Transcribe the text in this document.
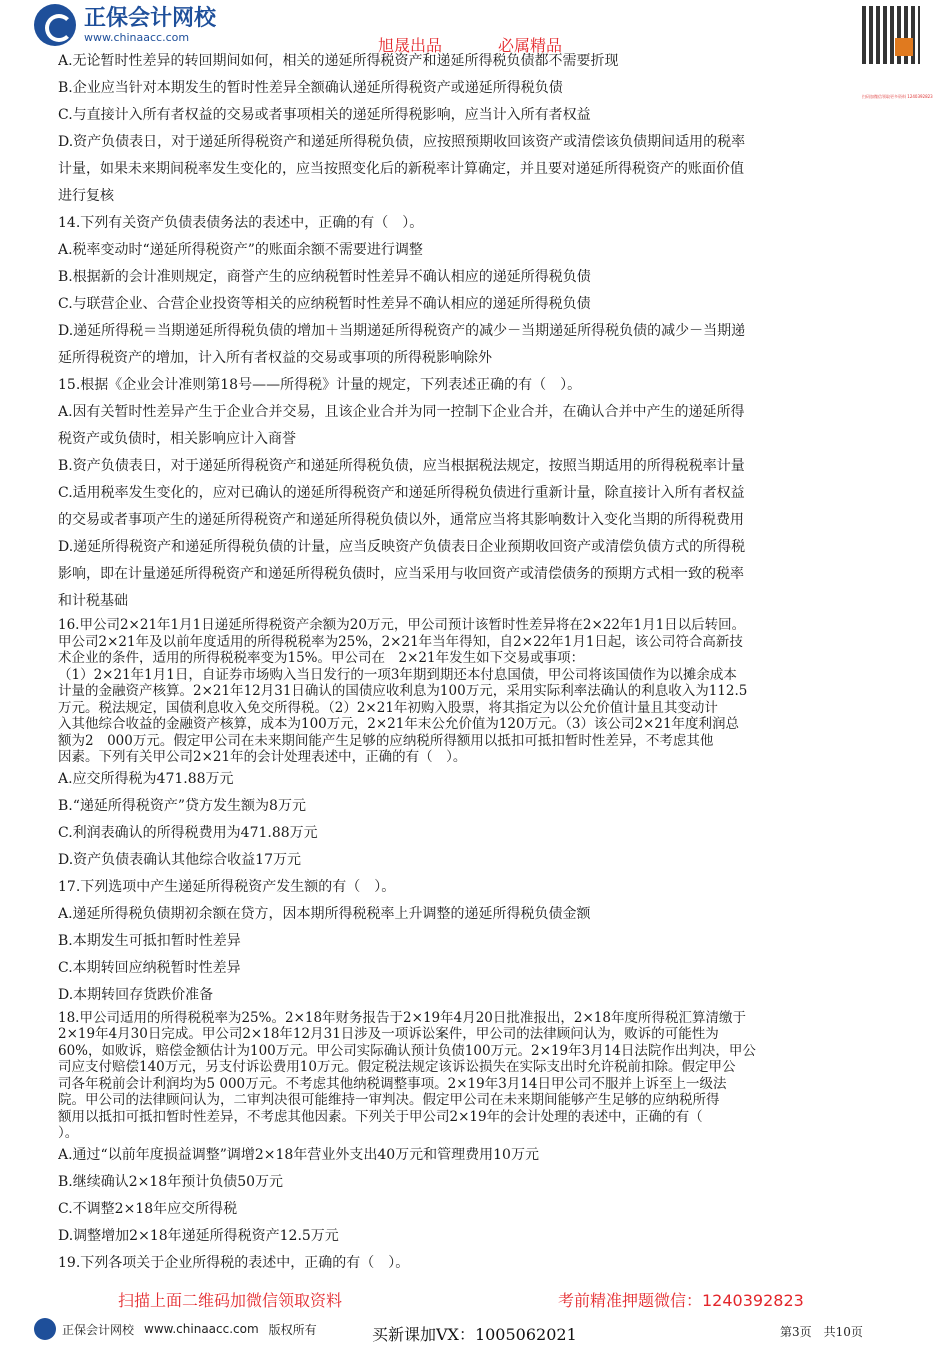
正保会计网校
www.chinaacc.com	旭晟出品	必属精品
扫码加微信领取更多资料 1240392823
A.无论暂时性差异的转回期间如何，相关的递延所得税资产和递延所得税负债都不需要折现
B.企业应当针对本期发生的暂时性差异全额确认递延所得税资产或递延所得税负债
C.与直接计入所有者权益的交易或者事项相关的递延所得税影响，应当计入所有者权益
D.资产负债表日，对于递延所得税资产和递延所得税负债，应按照预期收回该资产或清偿该负债期间适用的税率
计量，如果未来期间税率发生变化的，应当按照变化后的新税率计算确定，并且要对递延所得税资产的账面价值
进行复核
14.下列有关资产负债表债务法的表述中，正确的有（　）。
A.税率变动时“递延所得税资产”的账面余额不需要进行调整
B.根据新的会计准则规定，商誉产生的应纳税暂时性差异不确认相应的递延所得税负债
C.与联营企业、合营企业投资等相关的应纳税暂时性差异不确认相应的递延所得税负债
D.递延所得税＝当期递延所得税负债的增加＋当期递延所得税资产的减少－当期递延所得税负债的减少－当期递
延所得税资产的增加，计入所有者权益的交易或事项的所得税影响除外
15.根据《企业会计准则第18号——所得税》计量的规定，下列表述正确的有（　）。
A.因有关暂时性差异产生于企业合并交易，且该企业合并为同一控制下企业合并，在确认合并中产生的递延所得
税资产或负债时，相关影响应计入商誉
B.资产负债表日，对于递延所得税资产和递延所得税负债，应当根据税法规定，按照当期适用的所得税税率计量
C.适用税率发生变化的，应对已确认的递延所得税资产和递延所得税负债进行重新计量，除直接计入所有者权益
的交易或者事项产生的递延所得税资产和递延所得税负债以外，通常应当将其影响数计入变化当期的所得税费用
D.递延所得税资产和递延所得税负债的计量，应当反映资产负债表日企业预期收回资产或清偿负债方式的所得税
影响，即在计量递延所得税资产和递延所得税负债时，应当采用与收回资产或清偿债务的预期方式相一致的税率
和计税基础
16.甲公司2×21年1月1日递延所得税资产余额为20万元，甲公司预计该暂时性差异将在2×22年1月1日以后转回。
甲公司2×21年及以前年度适用的所得税税率为25%，2×21年当年得知，自2×22年1月1日起，该公司符合高新技
术企业的条件，适用的所得税税率变为15%。甲公司在　2×21年发生如下交易或事项：
（1）2×21年1月1日，自证券市场购入当日发行的一项3年期到期还本付息国债，甲公司将该国债作为以摊余成本
计量的金融资产核算。2×21年12月31日确认的国债应收利息为100万元，采用实际利率法确认的利息收入为112.5
万元。税法规定，国债利息收入免交所得税。（2）2×21年初购入股票，将其指定为以公允价值计量且其变动计
入其他综合收益的金融资产核算，成本为100万元，2×21年末公允价值为120万元。（3）该公司2×21年度利润总
额为2　000万元。假定甲公司在未来期间能产生足够的应纳税所得额用以抵扣可抵扣暂时性差异，不考虑其他
因素。下列有关甲公司2×21年的会计处理表述中，正确的有（　）。
A.应交所得税为471.88万元
B.“递延所得税资产”贷方发生额为8万元
C.利润表确认的所得税费用为471.88万元
D.资产负债表确认其他综合收益17万元
17.下列选项中产生递延所得税资产发生额的有（　）。
A.递延所得税负债期初余额在贷方，因本期所得税税率上升调整的递延所得税负债金额
B.本期发生可抵扣暂时性差异
C.本期转回应纳税暂时性差异
D.本期转回存货跌价准备
18.甲公司适用的所得税税率为25%。2×18年财务报告于2×19年4月20日批准报出，2×18年度所得税汇算清缴于
2×19年4月30日完成。甲公司2×18年12月31日涉及一项诉讼案件，甲公司的法律顾问认为，败诉的可能性为
60%，如败诉，赔偿金额估计为100万元。甲公司实际确认预计负债100万元。2×19年3月14日法院作出判决，甲公
司应支付赔偿140万元，另支付诉讼费用10万元。假定税法规定该诉讼损失在实际支出时允许税前扣除。假定甲公
司各年税前会计利润均为5 000万元。不考虑其他纳税调整事项。2×19年3月14日甲公司不服并上诉至上一级法
院。甲公司的法律顾问认为，二审判决很可能维持一审判决。假定甲公司在未来期间能够产生足够的应纳税所得
额用以抵扣可抵扣暂时性差异，不考虑其他因素。下列关于甲公司2×19年的会计处理的表述中，正确的有（
）。
A.通过“以前年度损益调整”调增2×18年营业外支出40万元和管理费用10万元
B.继续确认2×18年预计负债50万元
C.不调整2×18年应交所得税
D.调整增加2×18年递延所得税资产12.5万元
19.下列各项关于企业所得税的表述中，正确的有（　）。
扫描上面二维码加微信领取资料	考前精准押题微信：1240392823
正保会计网校 www.chinaacc.com 版权所有	买新课加VX：1005062021	第3页　共10页
